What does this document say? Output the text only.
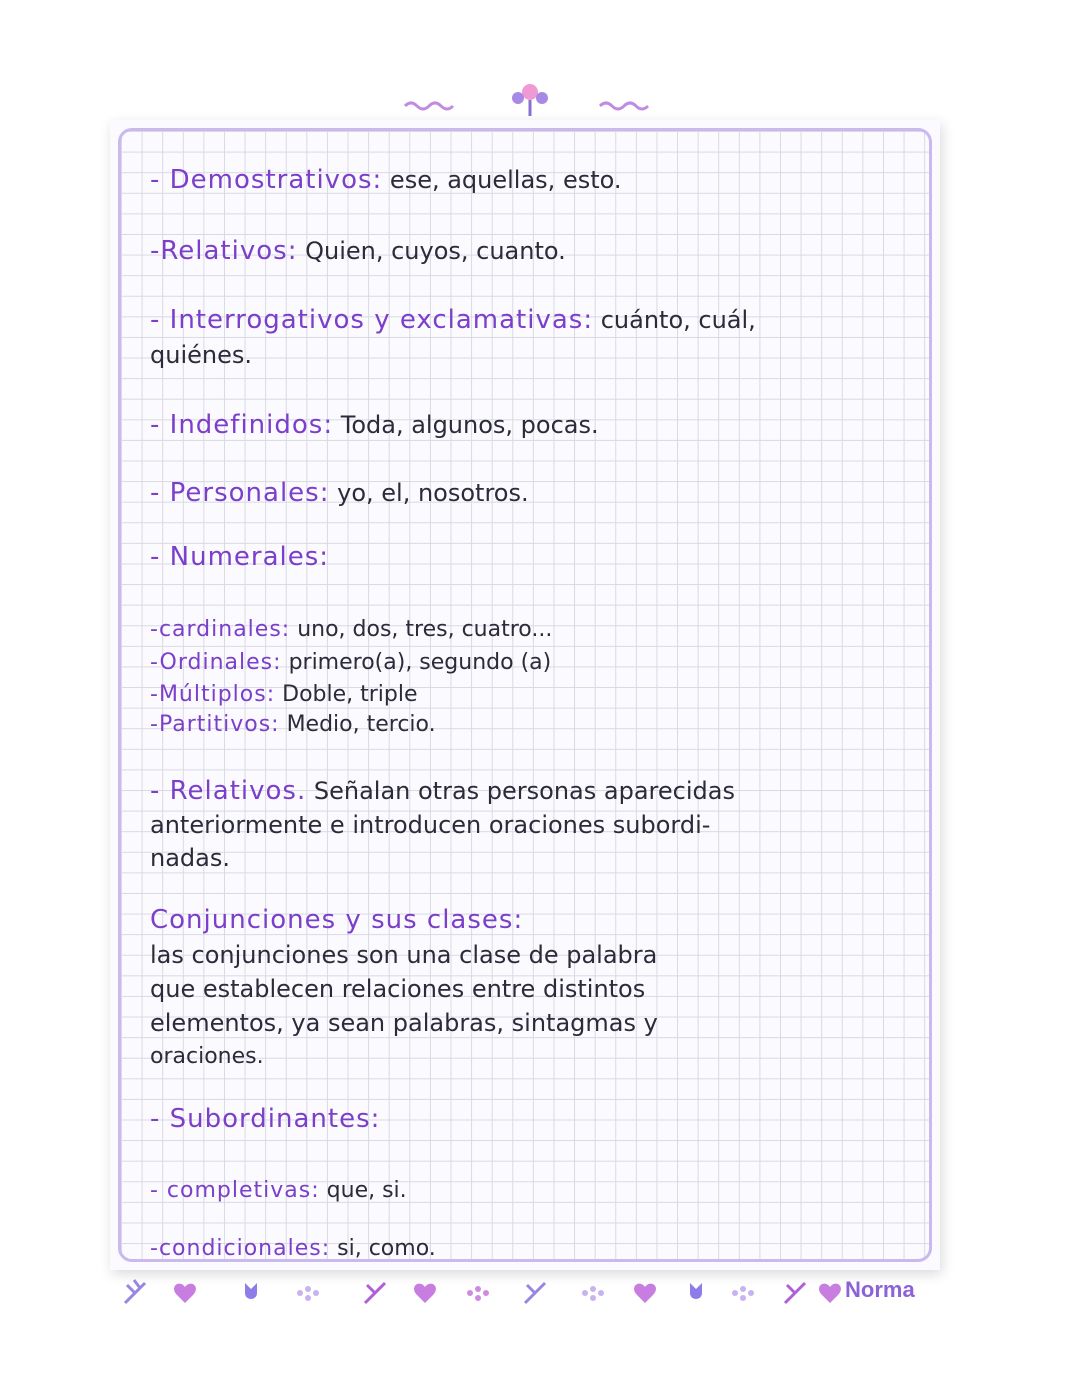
- Demostrativos: ese, aquellas, esto.
-Relativos: Quien, cuyos, cuanto.
- Interrogativos y exclamativas: cuánto, cuál,
quiénes.
- Indefinidos: Toda, algunos, pocas.
- Personales: yo, el, nosotros.
- Numerales:
-cardinales: uno, dos, tres, cuatro...
-Ordinales: primero(a), segundo (a)
-Múltiplos: Doble, triple
-Partitivos: Medio, tercio.
- Relativos. Señalan otras personas aparecidas
anteriormente e introducen oraciones subordi-
nadas.
Conjunciones y sus clases:
las conjunciones son una clase de palabra
que establecen relaciones entre distintos
elementos, ya sean palabras, sintagmas y
oraciones.
- Subordinantes:
- completivas: que, si.
-condicionales: si, como.
Norma
